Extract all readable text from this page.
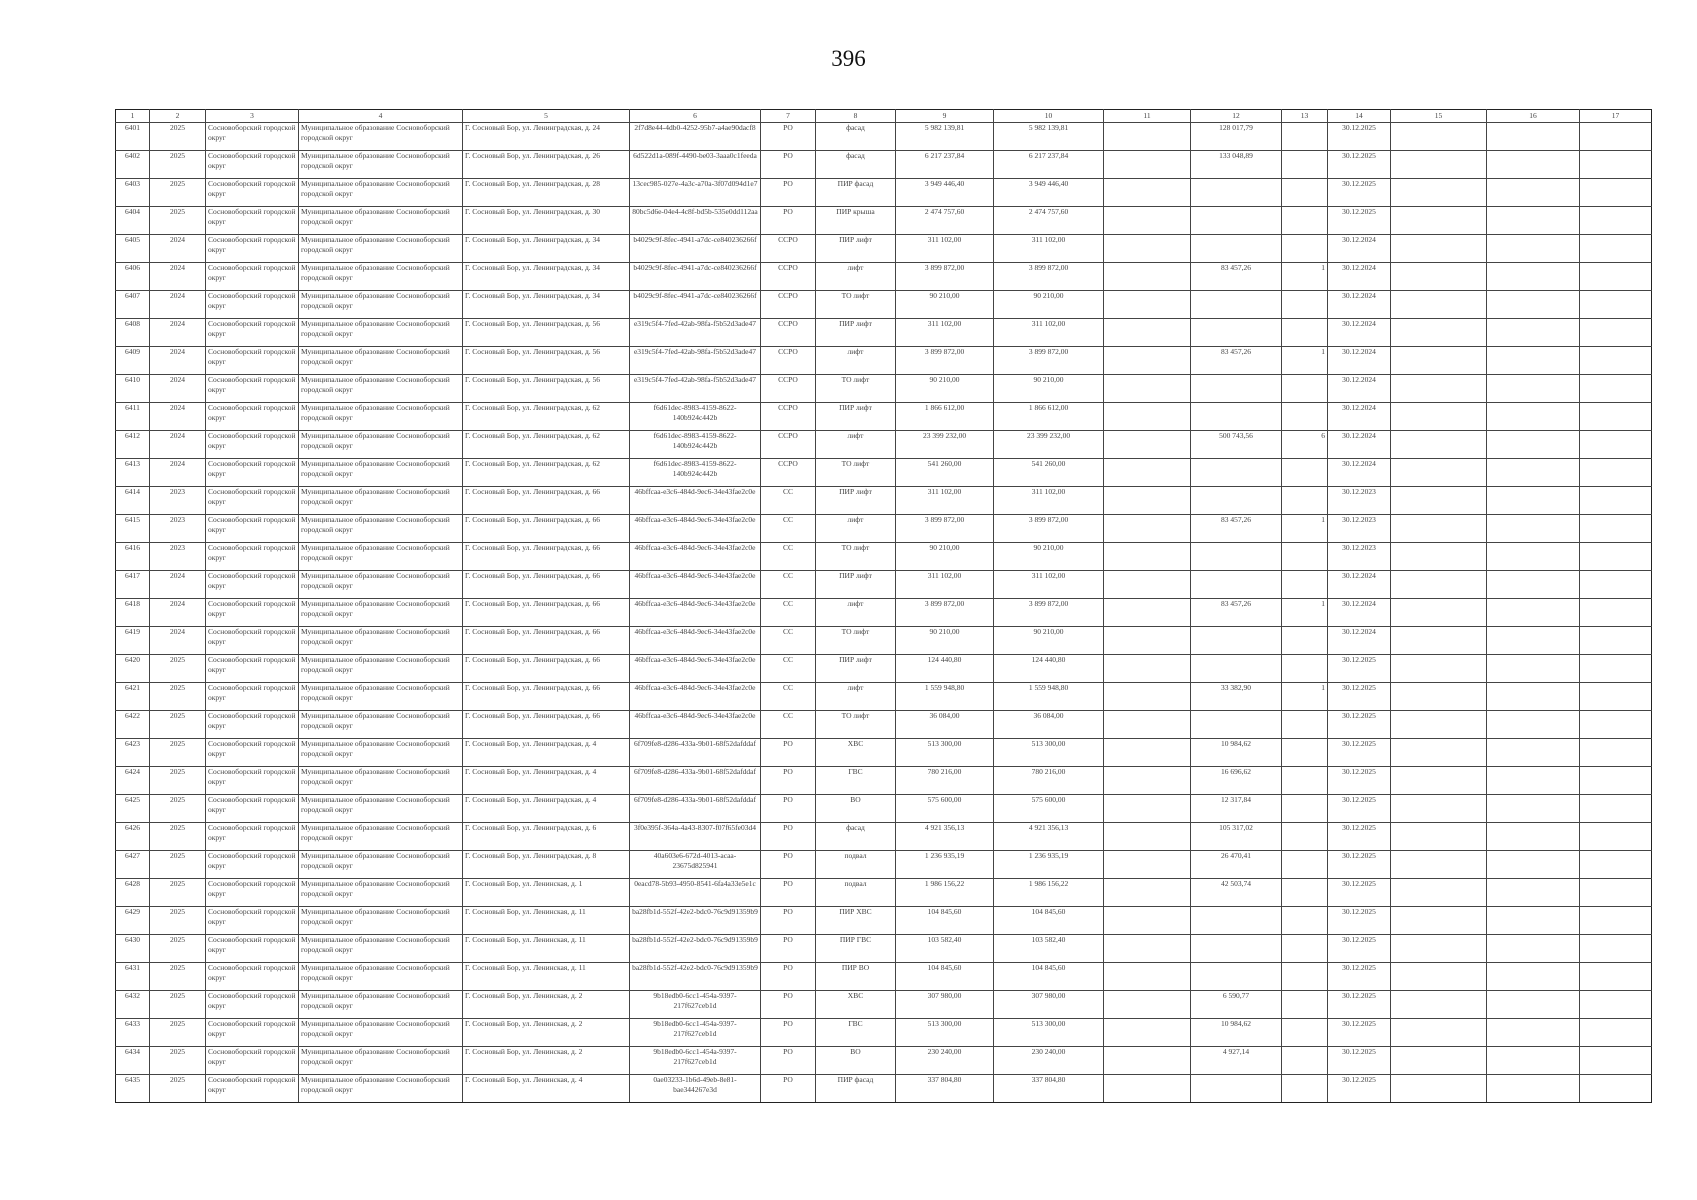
396
1	2	3	4	5	6	7	8	9	10	11	12	13	14	15	16	17
6401	2025	Сосновоборский городской округ	Муниципальное образование Сосновоборский городской округ	Г. Сосновый Бор, ул. Ленинградская, д. 24	2f7d8e44-4db0-4252-95b7-a4ae90dacf8	РО	фасад	5 982 139,81	5 982 139,81		128 017,79		30.12.2025			
6402	2025	Сосновоборский городской округ	Муниципальное образование Сосновоборский городской округ	Г. Сосновый Бор, ул. Ленинградская, д. 26	6d522d1a-089f-4490-be03-3aaa0c1feeda	РО	фасад	6 217 237,84	6 217 237,84		133 048,89		30.12.2025			
6403	2025	Сосновоборский городской округ	Муниципальное образование Сосновоборский городской округ	Г. Сосновый Бор, ул. Ленинградская, д. 28	13cec985-027e-4a3c-a70a-3f07d094d1e7	РО	ПИР фасад	3 949 446,40	3 949 446,40				30.12.2025			
6404	2025	Сосновоборский городской округ	Муниципальное образование Сосновоборский городской округ	Г. Сосновый Бор, ул. Ленинградская, д. 30	80bc5d6e-04e4-4c8f-bd5b-535e0dd112aa	РО	ПИР крыша	2 474 757,60	2 474 757,60				30.12.2025			
6405	2024	Сосновоборский городской округ	Муниципальное образование Сосновоборский городской округ	Г. Сосновый Бор, ул. Ленинградская, д. 34	b4029c9f-8fec-4941-a7dc-ce840236266f	ССРО	ПИР лифт	311 102,00	311 102,00				30.12.2024			
6406	2024	Сосновоборский городской округ	Муниципальное образование Сосновоборский городской округ	Г. Сосновый Бор, ул. Ленинградская, д. 34	b4029c9f-8fec-4941-a7dc-ce840236266f	ССРО	лифт	3 899 872,00	3 899 872,00		83 457,26	1	30.12.2024			
6407	2024	Сосновоборский городской округ	Муниципальное образование Сосновоборский городской округ	Г. Сосновый Бор, ул. Ленинградская, д. 34	b4029c9f-8fec-4941-a7dc-ce840236266f	ССРО	ТО лифт	90 210,00	90 210,00				30.12.2024			
6408	2024	Сосновоборский городской округ	Муниципальное образование Сосновоборский городской округ	Г. Сосновый Бор, ул. Ленинградская, д. 56	e319c5f4-7fed-42ab-98fa-f5b52d3ade47	ССРО	ПИР лифт	311 102,00	311 102,00				30.12.2024			
6409	2024	Сосновоборский городской округ	Муниципальное образование Сосновоборский городской округ	Г. Сосновый Бор, ул. Ленинградская, д. 56	e319c5f4-7fed-42ab-98fa-f5b52d3ade47	ССРО	лифт	3 899 872,00	3 899 872,00		83 457,26	1	30.12.2024			
6410	2024	Сосновоборский городской округ	Муниципальное образование Сосновоборский городской округ	Г. Сосновый Бор, ул. Ленинградская, д. 56	e319c5f4-7fed-42ab-98fa-f5b52d3ade47	ССРО	ТО лифт	90 210,00	90 210,00				30.12.2024			
6411	2024	Сосновоборский городской округ	Муниципальное образование Сосновоборский городской округ	Г. Сосновый Бор, ул. Ленинградская, д. 62	f6d61dec-8983-4159-8622-140b924c442b	ССРО	ПИР лифт	1 866 612,00	1 866 612,00				30.12.2024			
6412	2024	Сосновоборский городской округ	Муниципальное образование Сосновоборский городской округ	Г. Сосновый Бор, ул. Ленинградская, д. 62	f6d61dec-8983-4159-8622-140b924c442b	ССРО	лифт	23 399 232,00	23 399 232,00		500 743,56	6	30.12.2024			
6413	2024	Сосновоборский городской округ	Муниципальное образование Сосновоборский городской округ	Г. Сосновый Бор, ул. Ленинградская, д. 62	f6d61dec-8983-4159-8622-140b924c442b	ССРО	ТО лифт	541 260,00	541 260,00				30.12.2024			
6414	2023	Сосновоборский городской округ	Муниципальное образование Сосновоборский городской округ	Г. Сосновый Бор, ул. Ленинградская, д. 66	46bffcaa-e3c6-484d-9ec6-34e43fae2c0e	СС	ПИР лифт	311 102,00	311 102,00				30.12.2023			
6415	2023	Сосновоборский городской округ	Муниципальное образование Сосновоборский городской округ	Г. Сосновый Бор, ул. Ленинградская, д. 66	46bffcaa-e3c6-484d-9ec6-34e43fae2c0e	СС	лифт	3 899 872,00	3 899 872,00		83 457,26	1	30.12.2023			
6416	2023	Сосновоборский городской округ	Муниципальное образование Сосновоборский городской округ	Г. Сосновый Бор, ул. Ленинградская, д. 66	46bffcaa-e3c6-484d-9ec6-34e43fae2c0e	СС	ТО лифт	90 210,00	90 210,00				30.12.2023			
6417	2024	Сосновоборский городской округ	Муниципальное образование Сосновоборский городской округ	Г. Сосновый Бор, ул. Ленинградская, д. 66	46bffcaa-e3c6-484d-9ec6-34e43fae2c0e	СС	ПИР лифт	311 102,00	311 102,00				30.12.2024			
6418	2024	Сосновоборский городской округ	Муниципальное образование Сосновоборский городской округ	Г. Сосновый Бор, ул. Ленинградская, д. 66	46bffcaa-e3c6-484d-9ec6-34e43fae2c0e	СС	лифт	3 899 872,00	3 899 872,00		83 457,26	1	30.12.2024			
6419	2024	Сосновоборский городской округ	Муниципальное образование Сосновоборский городской округ	Г. Сосновый Бор, ул. Ленинградская, д. 66	46bffcaa-e3c6-484d-9ec6-34e43fae2c0e	СС	ТО лифт	90 210,00	90 210,00				30.12.2024			
6420	2025	Сосновоборский городской округ	Муниципальное образование Сосновоборский городской округ	Г. Сосновый Бор, ул. Ленинградская, д. 66	46bffcaa-e3c6-484d-9ec6-34e43fae2c0e	СС	ПИР лифт	124 440,80	124 440,80				30.12.2025			
6421	2025	Сосновоборский городской округ	Муниципальное образование Сосновоборский городской округ	Г. Сосновый Бор, ул. Ленинградская, д. 66	46bffcaa-e3c6-484d-9ec6-34e43fae2c0e	СС	лифт	1 559 948,80	1 559 948,80		33 382,90	1	30.12.2025			
6422	2025	Сосновоборский городской округ	Муниципальное образование Сосновоборский городской округ	Г. Сосновый Бор, ул. Ленинградская, д. 66	46bffcaa-e3c6-484d-9ec6-34e43fae2c0e	СС	ТО лифт	36 084,00	36 084,00				30.12.2025			
6423	2025	Сосновоборский городской округ	Муниципальное образование Сосновоборский городской округ	Г. Сосновый Бор, ул. Ленинградская, д. 4	6f709fe8-d286-433a-9b01-68f52dafddaf	РО	ХВС	513 300,00	513 300,00		10 984,62		30.12.2025			
6424	2025	Сосновоборский городской округ	Муниципальное образование Сосновоборский городской округ	Г. Сосновый Бор, ул. Ленинградская, д. 4	6f709fe8-d286-433a-9b01-68f52dafddaf	РО	ГВС	780 216,00	780 216,00		16 696,62		30.12.2025			
6425	2025	Сосновоборский городской округ	Муниципальное образование Сосновоборский городской округ	Г. Сосновый Бор, ул. Ленинградская, д. 4	6f709fe8-d286-433a-9b01-68f52dafddaf	РО	ВО	575 600,00	575 600,00		12 317,84		30.12.2025			
6426	2025	Сосновоборский городской округ	Муниципальное образование Сосновоборский городской округ	Г. Сосновый Бор, ул. Ленинградская, д. 6	3f0e395f-364a-4a43-8307-f07f65fe03d4	РО	фасад	4 921 356,13	4 921 356,13		105 317,02		30.12.2025			
6427	2025	Сосновоборский городской округ	Муниципальное образование Сосновоборский городской округ	Г. Сосновый Бор, ул. Ленинградская, д. 8	40a603e6-672d-4013-acaa-23675d825941	РО	подвал	1 236 935,19	1 236 935,19		26 470,41		30.12.2025			
6428	2025	Сосновоборский городской округ	Муниципальное образование Сосновоборский городской округ	Г. Сосновый Бор, ул. Ленинская, д. 1	0eacd78-5b93-4950-8541-6fa4a33e5e1c	РО	подвал	1 986 156,22	1 986 156,22		42 503,74		30.12.2025			
6429	2025	Сосновоборский городской округ	Муниципальное образование Сосновоборский городской округ	Г. Сосновый Бор, ул. Ленинская, д. 11	ba28fb1d-552f-42e2-bdc0-76c9d91359b9	РО	ПИР ХВС	104 845,60	104 845,60				30.12.2025			
6430	2025	Сосновоборский городской округ	Муниципальное образование Сосновоборский городской округ	Г. Сосновый Бор, ул. Ленинская, д. 11	ba28fb1d-552f-42e2-bdc0-76c9d91359b9	РО	ПИР ГВС	103 582,40	103 582,40				30.12.2025			
6431	2025	Сосновоборский городской округ	Муниципальное образование Сосновоборский городской округ	Г. Сосновый Бор, ул. Ленинская, д. 11	ba28fb1d-552f-42e2-bdc0-76c9d91359b9	РО	ПИР ВО	104 845,60	104 845,60				30.12.2025			
6432	2025	Сосновоборский городской округ	Муниципальное образование Сосновоборский городской округ	Г. Сосновый Бор, ул. Ленинская, д. 2	9b18edb0-6cc1-454a-9397-217f627ceb1d	РО	ХВС	307 980,00	307 980,00		6 590,77		30.12.2025			
6433	2025	Сосновоборский городской округ	Муниципальное образование Сосновоборский городской округ	Г. Сосновый Бор, ул. Ленинская, д. 2	9b18edb0-6cc1-454a-9397-217f627ceb1d	РО	ГВС	513 300,00	513 300,00		10 984,62		30.12.2025			
6434	2025	Сосновоборский городской округ	Муниципальное образование Сосновоборский городской округ	Г. Сосновый Бор, ул. Ленинская, д. 2	9b18edb0-6cc1-454a-9397-217f627ceb1d	РО	ВО	230 240,00	230 240,00		4 927,14		30.12.2025			
6435	2025	Сосновоборский городской округ	Муниципальное образование Сосновоборский городской округ	Г. Сосновый Бор, ул. Ленинская, д. 4	0ae03233-1b6d-49eb-8e81-bae344267e3d	РО	ПИР фасад	337 804,80	337 804,80				30.12.2025			
